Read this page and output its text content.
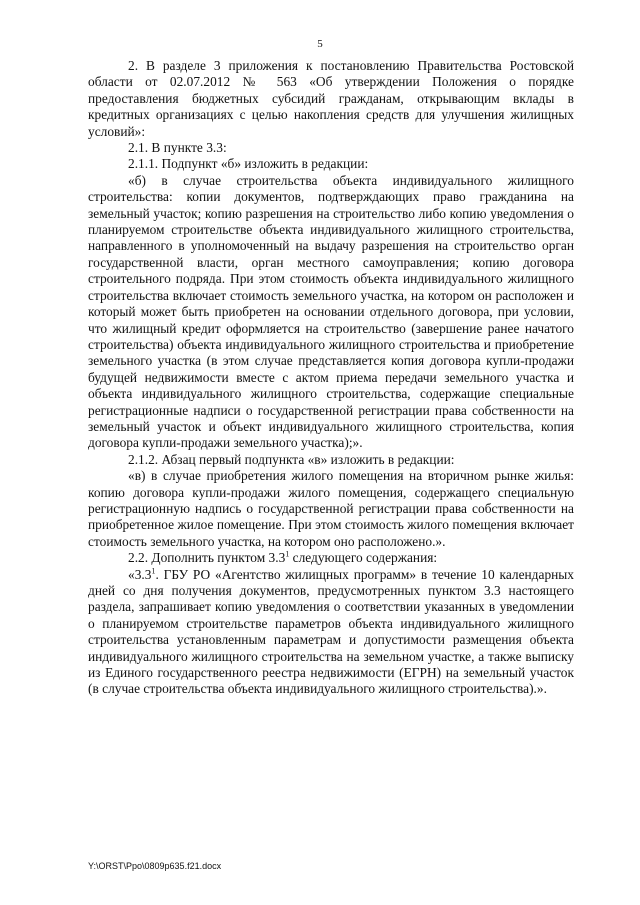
5

2. В разделе 3 приложения к постановлению Правительства Ростовской области от 02.07.2012 № 563 «Об утверждении Положения о порядке предоставления бюджетных субсидий гражданам, открывающим вклады в кредитных организациях с целью накопления средств для улучшения жилищных условий»:

2.1. В пункте 3.3:

2.1.1. Подпункт «б» изложить в редакции:

«б) в случае строительства объекта индивидуального жилищного строительства: копии документов, подтверждающих право гражданина на земельный участок; копию разрешения на строительство либо копию уведомления о планируемом строительстве объекта индивидуального жилищного строительства, направленного в уполномоченный на выдачу разрешения на строительство орган государственной власти, орган местного самоуправления; копию договора строительного подряда. При этом стоимость объекта индивидуального жилищного строительства включает стоимость земельного участка, на котором он расположен и который может быть приобретен на основании отдельного договора, при условии, что жилищный кредит оформляется на строительство (завершение ранее начатого строительства) объекта индивидуального жилищного строительства и приобретение земельного участка (в этом случае представляется копия договора купли-продажи будущей недвижимости вместе с актом приема передачи земельного участка и объекта индивидуального жилищного строительства, содержащие специальные регистрационные надписи о государственной регистрации права собственности на земельный участок и объект индивидуального жилищного строительства, копия договора купли-продажи земельного участка);».

2.1.2. Абзац первый подпункта «в» изложить в редакции:

«в) в случае приобретения жилого помещения на вторичном рынке жилья: копию договора купли-продажи жилого помещения, содержащего специальную регистрационную надпись о государственной регистрации права собственности на приобретенное жилое помещение. При этом стоимость жилого помещения включает стоимость земельного участка, на котором оно расположено.».

2.2. Дополнить пунктом $3.3^1$ следующего содержания:

«$3.3^1$. ГБУ РО «Агентство жилищных программ» в течение 10 календарных дней со дня получения документов, предусмотренных пунктом 3.3 настоящего раздела, запрашивает копию уведомления о соответствии указанных в уведомлении о планируемом строительстве параметров объекта индивидуального жилищного строительства установленным параметрам и допустимости размещения объекта индивидуального жилищного строительства на земельном участке, а также выписку из Единого государственного реестра недвижимости (ЕГРН) на земельный участок (в случае строительства объекта индивидуального жилищного строительства).».

Y:\ORST\Ppo\0809p635.f21.docx
